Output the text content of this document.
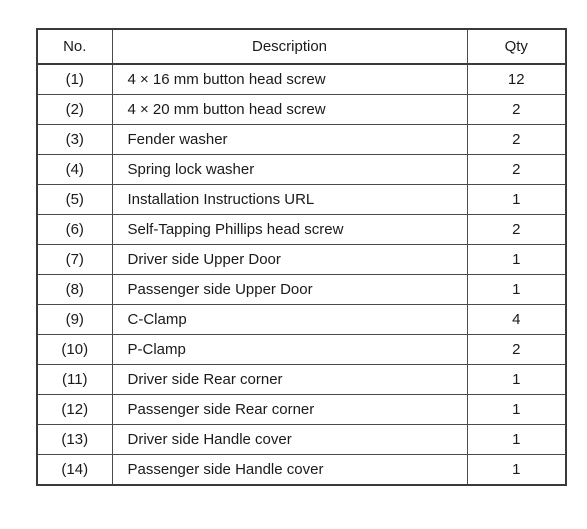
No.	Description	Qty
(1)	4 × 16 mm button head screw	12
(2)	4 × 20 mm button head screw	2
(3)	Fender washer	2
(4)	Spring lock washer	2
(5)	Installation Instructions URL	1
(6)	Self-Tapping Phillips head screw	2
(7)	Driver side Upper Door	1
(8)	Passenger side Upper Door	1
(9)	C-Clamp	4
(10)	P-Clamp	2
(11)	Driver side Rear corner	1
(12)	Passenger side Rear corner	1
(13)	Driver side Handle cover	1
(14)	Passenger side Handle cover	1
